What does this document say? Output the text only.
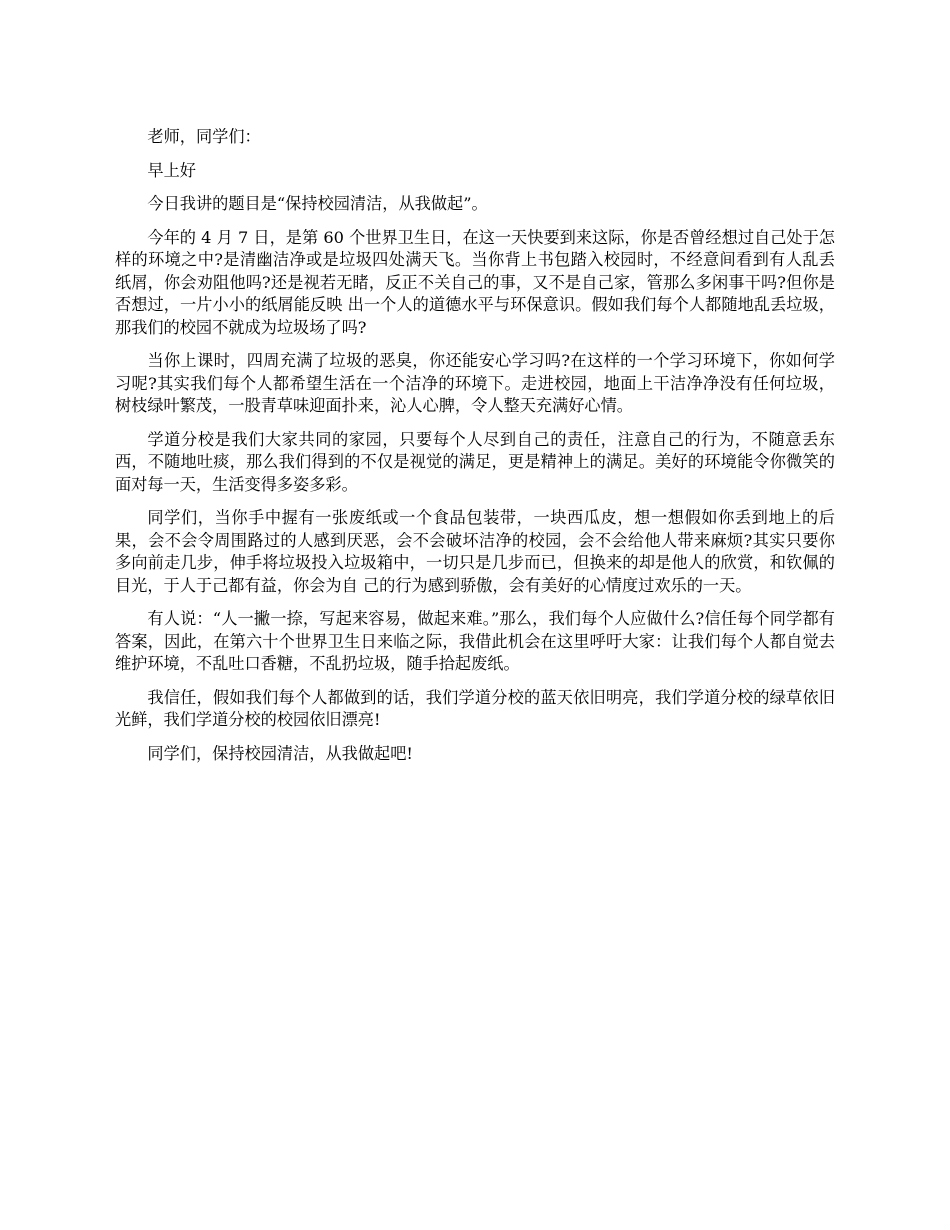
老师，同学们：

早上好

今日我讲的题目是“保持校园清洁，从我做起”。

今年的 4 月 7 日，是第 60 个世界卫生日，在这一天快要到来这际，你是否曾经想过自己处于怎样的环境之中?是清幽洁净或是垃圾四处满天飞。当你背上书包踏入校园时，不经意间看到有人乱丢纸屑，你会劝阻他吗?还是视若无睹，反正不关自己的事，又不是自己家，管那么多闲事干吗?但你是否想过，一片小小的纸屑能反映 出一个人的道德水平与环保意识。假如我们每个人都随地乱丢垃圾，那我们的校园不就成为垃圾场了吗?

当你上课时，四周充满了垃圾的恶臭，你还能安心学习吗?在这样的一个学习环境下，你如何学习呢?其实我们每个人都希望生活在一个洁净的环境下。走进校园，地面上干洁净净没有任何垃圾，树枝绿叶繁茂，一股青草味迎面扑来，沁人心脾，令人整天充满好心情。

学道分校是我们大家共同的家园，只要每个人尽到自己的责任，注意自己的行为，不随意丢东西，不随地吐痰，那么我们得到的不仅是视觉的满足，更是精神上的满足。美好的环境能令你微笑的面对每一天，生活变得多姿多彩。

同学们，当你手中握有一张废纸或一个食品包装带，一块西瓜皮，想一想假如你丢到地上的后果，会不会令周围路过的人感到厌恶，会不会破坏洁净的校园，会不会给他人带来麻烦?其实只要你多向前走几步，伸手将垃圾投入垃圾箱中，一切只是几步而已，但换来的却是他人的欣赏，和钦佩的目光，于人于己都有益，你会为自 己的行为感到骄傲，会有美好的心情度过欢乐的一天。

有人说：“人一撇一捺，写起来容易，做起来难。”那么，我们每个人应做什么?信任每个同学都有答案，因此，在第六十个世界卫生日来临之际，我借此机会在这里呼吁大家：让我们每个人都自觉去维护环境，不乱吐口香糖，不乱扔垃圾，随手拾起废纸。

我信任，假如我们每个人都做到的话，我们学道分校的蓝天依旧明亮，我们学道分校的绿草依旧光鲜，我们学道分校的校园依旧漂亮!

同学们，保持校园清洁，从我做起吧!
